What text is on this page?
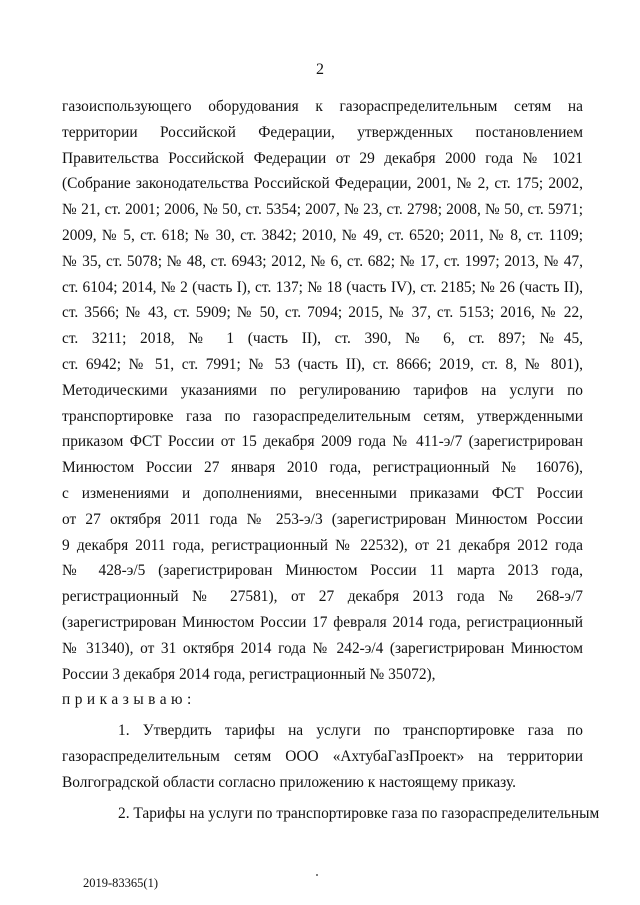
2
газоиспользующего оборудования к газораспределительным сетям на
территории Российской Федерации, утвержденных постановлением
Правительства Российской Федерации от 29 декабря 2000 года № 1021
(Собрание законодательства Российской Федерации, 2001, № 2, ст. 175; 2002,
№ 21, ст. 2001; 2006, № 50, ст. 5354; 2007, № 23, ст. 2798; 2008, № 50, ст. 5971;
2009, № 5, ст. 618; № 30, ст. 3842; 2010, № 49, ст. 6520; 2011, № 8, ст. 1109;
№ 35, ст. 5078; № 48, ст. 6943; 2012, № 6, ст. 682; № 17, ст. 1997; 2013, № 47,
ст. 6104; 2014, № 2 (часть I), ст. 137; № 18 (часть IV), ст. 2185; № 26 (часть II),
ст. 3566; № 43, ст. 5909; № 50, ст. 7094; 2015, № 37, ст. 5153; 2016, № 22,
ст. 3211; 2018, № 1 (часть II), ст. 390, № 6, ст. 897; №45,
ст. 6942; № 51, ст. 7991; № 53 (часть II), ст. 8666; 2019, ст. 8, № 801),
Методическими указаниями по регулированию тарифов на услуги по
транспортировке газа по газораспределительным сетям, утвержденными
приказом ФСТ России от 15 декабря 2009 года № 411-э/7 (зарегистрирован
Минюстом России 27 января 2010 года, регистрационный № 16076),
с изменениями и дополнениями, внесенными приказами ФСТ России
от 27 октября 2011 года № 253-э/3 (зарегистрирован Минюстом России
9 декабря 2011 года, регистрационный № 22532), от 21 декабря 2012 года
№ 428-э/5 (зарегистрирован Минюстом России 11 марта 2013 года,
регистрационный № 27581), от 27 декабря 2013 года № 268-э/7
(зарегистрирован Минюстом России 17 февраля 2014 года, регистрационный
№ 31340), от 31 октября 2014 года № 242-э/4 (зарегистрирован Минюстом
России 3 декабря 2014 года, регистрационный № 35072),
приказываю:
1. Утвердить тарифы на услуги по транспортировке газа по
газораспределительным сетям ООО «АхтубаГазПроект» на территории
Волгоградской области согласно приложению к настоящему приказу.
2. Тарифы на услуги по транспортировке газа по газораспределительным
2019-83365(1)
